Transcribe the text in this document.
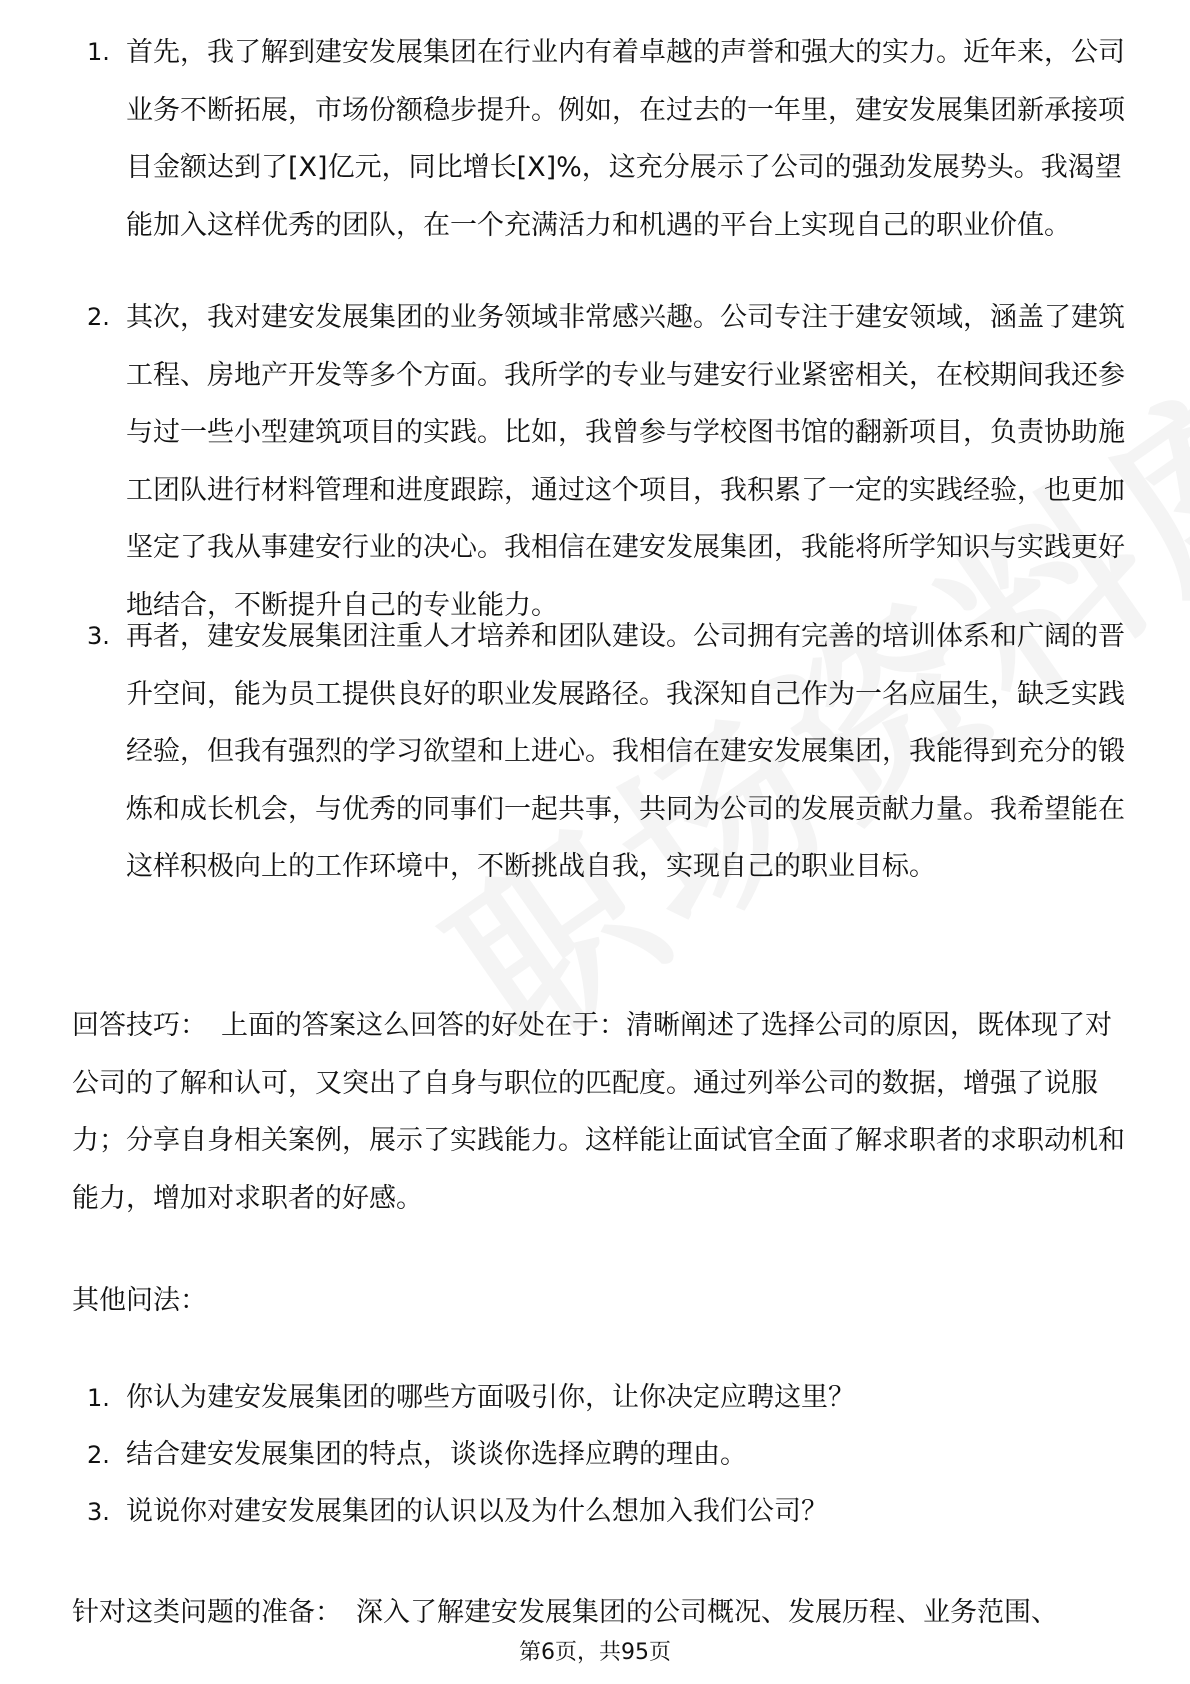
1. 首先，我了解到建安发展集团在行业内有着卓越的声誉和强大的实力。近年来，公司业务不断拓展，市场份额稳步提升。例如，在过去的一年里，建安发展集团新承接项目金额达到了[X]亿元，同比增长[X]%，这充分展示了公司的强劲发展势头。我渴望能加入这样优秀的团队，在一个充满活力和机遇的平台上实现自己的职业价值。
2. 其次，我对建安发展集团的业务领域非常感兴趣。公司专注于建安领域，涵盖了建筑工程、房地产开发等多个方面。我所学的专业与建安行业紧密相关，在校期间我还参与过一些小型建筑项目的实践。比如，我曾参与学校图书馆的翻新项目，负责协助施工团队进行材料管理和进度跟踪，通过这个项目，我积累了一定的实践经验，也更加坚定了我从事建安行业的决心。我相信在建安发展集团，我能将所学知识与实践更好地结合，不断提升自己的专业能力。
3. 再者，建安发展集团注重人才培养和团队建设。公司拥有完善的培训体系和广阔的晋升空间，能为员工提供良好的职业发展路径。我深知自己作为一名应届生，缺乏实践经验，但我有强烈的学习欲望和上进心。我相信在建安发展集团，我能得到充分的锻炼和成长机会，与优秀的同事们一起共事，共同为公司的发展贡献力量。我希望能在这样积极向上的工作环境中，不断挑战自我，实现自己的职业目标。
回答技巧： 上面的答案这么回答的好处在于：清晰阐述了选择公司的原因，既体现了对公司的了解和认可，又突出了自身与职位的匹配度。通过列举公司的数据，增强了说服力；分享自身相关案例，展示了实践能力。这样能让面试官全面了解求职者的求职动机和能力，增加对求职者的好感。
其他问法：
1. 你认为建安发展集团的哪些方面吸引你，让你决定应聘这里？
2. 结合建安发展集团的特点，谈谈你选择应聘的理由。
3. 说说你对建安发展集团的认识以及为什么想加入我们公司？
针对这类问题的准备： 深入了解建安发展集团的公司概况、发展历程、业务范围、
第6页，共95页
